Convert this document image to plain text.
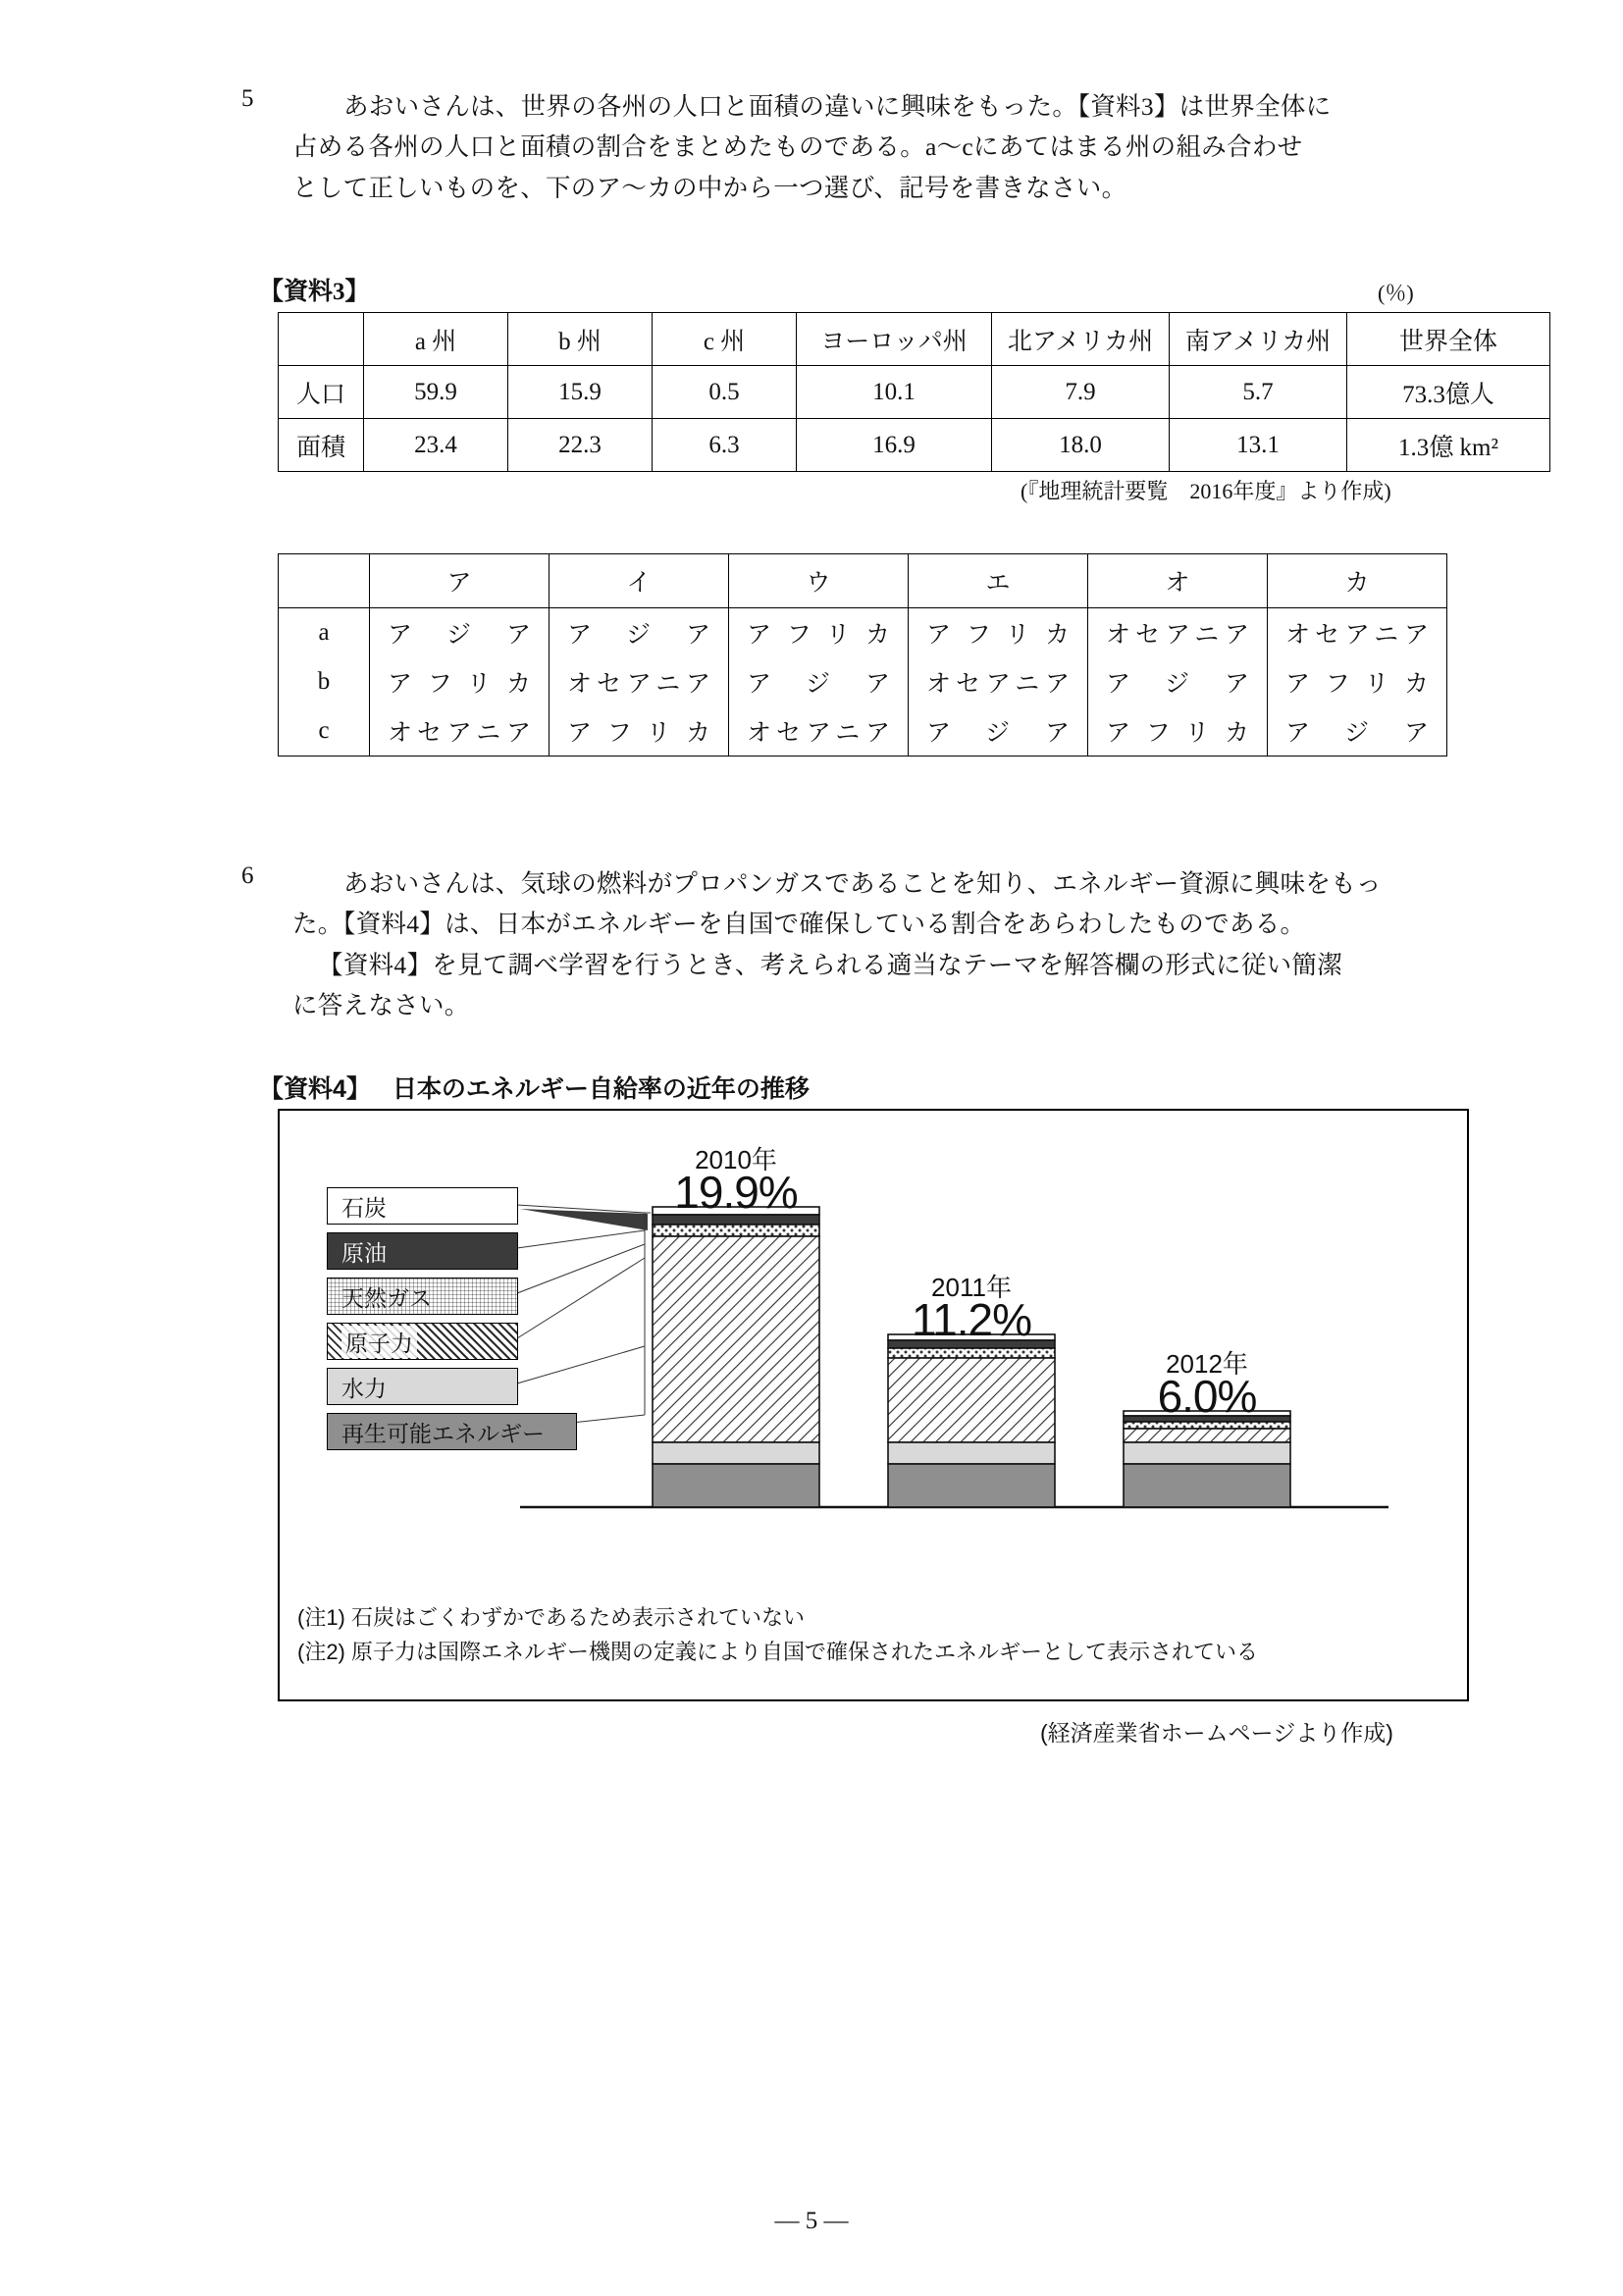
5	あおいさんは、世界の各州の人口と面積の違いに興味をもった。【資料3】は世界全体に

占める各州の人口と面積の割合をまとめたものである。a〜cにあてはまる州の組み合わせ

として正しいものを、下のア〜カの中から一つ選び、記号を書きなさい。

【資料3】	(％)
	a 州	b 州	c 州	ヨーロッパ州	北アメリカ州	南アメリカ州	世界全体
人口	59.9	15.9	0.5	10.1	7.9	5.7	73.3億人
面積	23.4	22.3	6.3	16.9	18.0	13.1	1.3億 km²
(『地理統計要覧　2016年度』より作成)
	ア	イ	ウ	エ	オ	カ
a	アジア	アジア	アフリカ	アフリカ	オセアニア	オセアニア
b	アフリカ	オセアニア	アジア	オセアニア	アジア	アフリカ
c	オセアニア	アフリカ	オセアニア	アジア	アフリカ	アジア
6	あおいさんは、気球の燃料がプロパンガスであることを知り、エネルギー資源に興味をもっ

た。【資料4】は、日本がエネルギーを自国で確保している割合をあらわしたものである。

【資料4】を見て調べ学習を行うとき、考えられる適当なテーマを解答欄の形式に従い簡潔

に答えなさい。

【資料4】 日本のエネルギー自給率の近年の推移
石炭
原油
天然ガス
原子力
水力
再生可能エネルギー
2010年
19.9%
2011年
11.2%
2012年
6.0%
(注1) 石炭はごくわずかであるため表示されていない
(注2) 原子力は国際エネルギー機関の定義により自国で確保されたエネルギーとして表示されている
(経済産業省ホームページより作成)
— 5 —
